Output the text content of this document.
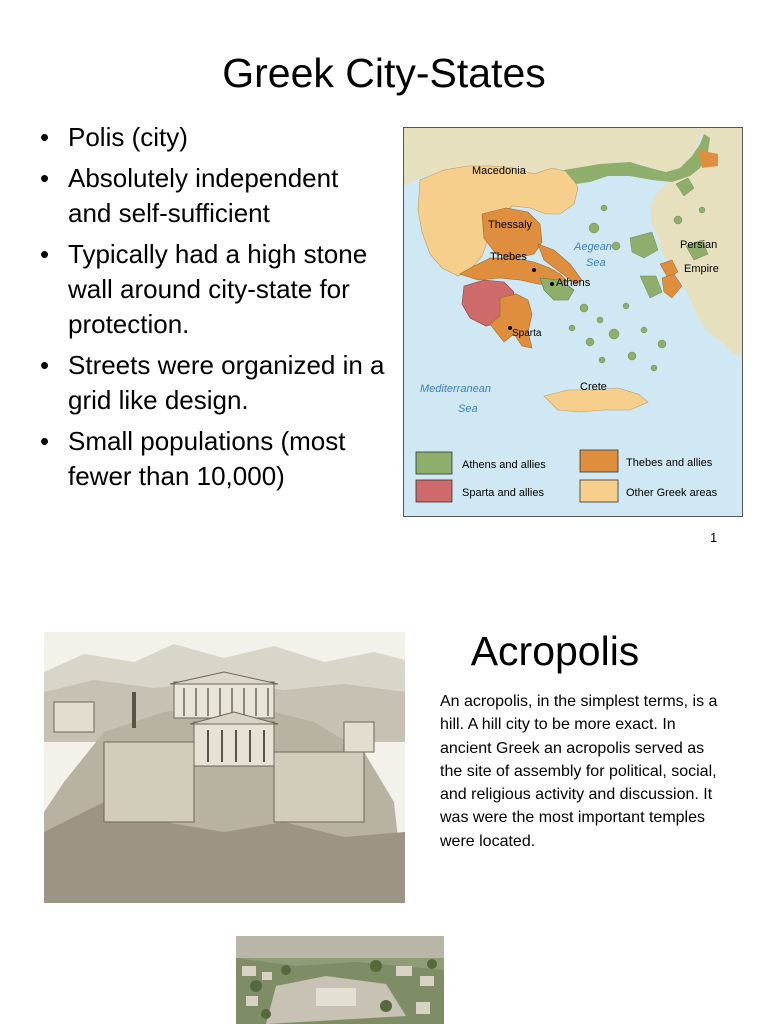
Greek City-States
• Polis (city)
• Absolutely independent and self-sufficient
• Typically had a high stone wall around city-state for protection.
• Streets were organized in a grid like design.
• Small populations (most fewer than 10,000)
Macedonia
Thessaly
Thebes
Athens
Sparta
Crete
Persian
Empire
Aegean
Sea
Mediterranean
Sea
Athens and allies	Thebes and allies
Sparta and allies	Other Greek areas
1
Acropolis
An acropolis, in the simplest terms, is a hill. A hill city to be more exact. In ancient Greek an acropolis served as the site of assembly for political, social, and religious activity and discussion. It was were the most important temples were located.
